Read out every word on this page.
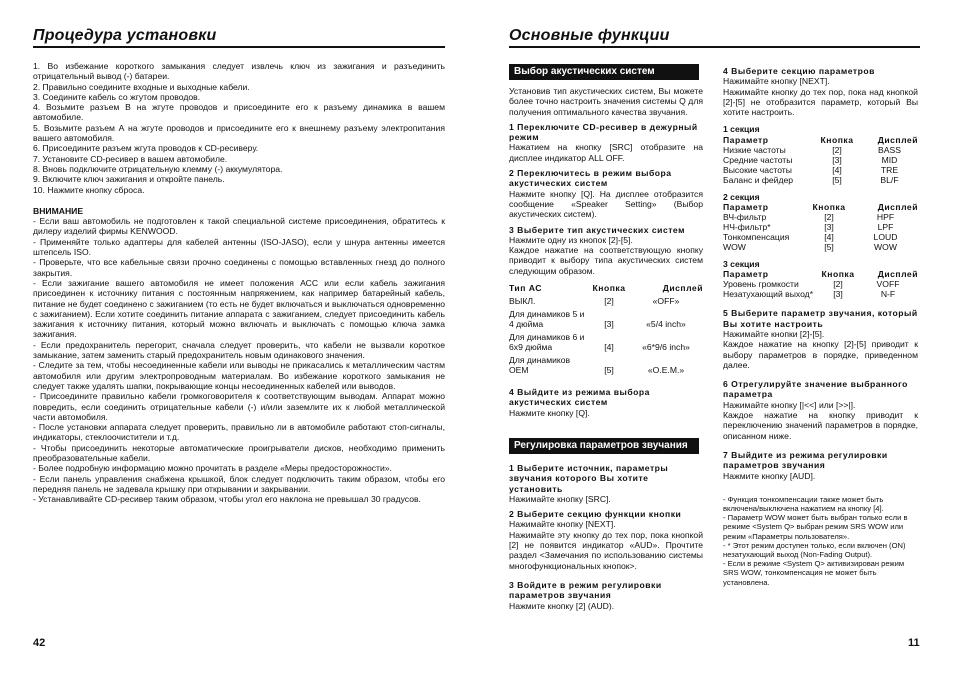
Процедура установки

1. Во избежание короткого замыкания следует извлечь ключ из зажигания и разъединить отрицательный вывод (-) батареи.

2. Правильно соедините входные и выходные кабели.

3. Соедините кабель со жгутом проводов.

4. Возьмите разъем В на жгуте проводов и присоедините его к разъему динамика в вашем автомобиле.

5. Возьмите разъем А на жгуте проводов и присоедините его к внешнему разъему электропитания вашего автомобиля.

6. Присоедините разъем жгута проводов к CD-ресиверу.

7. Установите CD-ресивер в вашем автомобиле.

8. Вновь подключите отрицательную клемму (-) аккумулятора.

9. Включите ключ зажигания и откройте панель.

10. Нажмите кнопку сброса.

ВНИМАНИЕ

- Если ваш автомобиль не подготовлен к такой специальной системе присоединения, обратитесь к дилеру изделий фирмы KENWOOD.

- Применяйте только адаптеры для кабелей антенны (ISO-JASO), если у шнура антенны имеется штепсель ISO.

- Проверьте, что все кабельные связи прочно соединены с помощью вставленных гнезд до полного закрытия.

- Если зажигание вашего автомобиля не имеет положения АСС или если кабель зажигания присоединен к источнику питания с постоянным напряжением, как например батарейный кабель, питание не будет соединено с зажиганием (то есть не будет включаться и выключаться одновременно с зажиганием). Если хотите соединить питание аппарата с зажиганием, следует присоединить кабель зажигания к источнику питания, который можно включать и выключать с помощью ключа замка зажигания.

- Если предохранитель перегорит, сначала следует проверить, что кабели не вызвали короткое замыкание, затем заменить старый предохранитель новым одинакового значения.

- Следите за тем, чтобы несоединенные кабели или выводы не прикасались к металлическим частям автомобиля или другим электропроводным материалам. Во избежание короткого замыкания не следует также удалять шапки, покрывающие концы несоединенных кабелей или выводов.

- Присоедините правильно кабели громкоговорителя к соответствующим выводам. Аппарат можно повредить, если соединить отрицательные кабели (-) и/или заземлите их к любой металлической части автомобиля.

- После установки аппарата следует проверить, правильно ли в автомобиле работают стоп-сигналы, индикаторы, стеклоочистители и т.д.

- Чтобы присоединить некоторые автоматические проигрыватели дисков, необходимо применить преобразовательные кабели.

- Более подробную информацию можно прочитать в разделе «Меры предосторожности».

- Если панель управления снабжена крышкой, блок следует подключить таким образом, чтобы его передняя панель не задевала крышку при открывании и закрывании.

- Устанавливайте CD-ресивер таким образом, чтобы угол его наклона не превышал 30 градусов.

42
Основные функции
Выбор акустических систем

Установив тип акустических систем, Вы можете более точно настроить значения системы Q для получения оптимального качества звучания.

1 Переключите CD-ресивер в дежурный режим

Нажатием на кнопку [SRC] отобразите на дисплее индикатор ALL OFF.

2 Переключитесь в режим выбора акустических систем

Нажмите кнопку [Q]. На дисплее отобразится сообщение «Speaker Setting» (Выбор акустических систем).

3 Выберите тип акустических систем

Нажмите одну из кнопок [2]-[5].

Каждое нажатие на соответствующую кнопку приводит к выбору типа акустических систем следующим образом.

Тип АС	Кнопка	Дисплей
ВЫКЛ.	[2]	«OFF»
Для динамиков 5 и 4 дюйма	[3]	«5/4 inch»
Для динамиков 6 и 6x9 дюйма	[4]	«6*9/6 inch»
Для динамиков OEM	[5]	«O.E.M.»

4 Выйдите из режима выбора акустических систем

Нажмите кнопку [Q].

Регулировка параметров звучания

1 Выберите источник, параметры звучания которого Вы хотите установить

Нажимайте кнопку [SRC].

2 Выберите секцию функции кнопки

Нажимайте кнопку [NEXT].

Нажимайте эту кнопку до тех пор, пока кнопкой [2] не появится индикатор «AUD». Прочтите раздел <Замечания по использованию системы многофункциональных кнопок>.

3 Войдите в режим регулировки параметров звучания

Нажмите кнопку [2] (AUD).

4 Выберите секцию параметров

Нажимайте кнопку [NEXT].

Нажимайте кнопку до тех пор, пока над кнопкой [2]-[5] не отобразится параметр, который Вы хотите настроить.

1 секция

Параметр	Кнопка	Дисплей
Низкие частоты	[2]	BASS
Средние частоты	[3]	MID
Высокие частоты	[4]	TRE
Баланс и фейдер	[5]	BL/F

2 секция

Параметр	Кнопка	Дисплей
ВЧ-фильтр	[2]	HPF
НЧ-фильтр*	[3]	LPF
Тонкомпенсация	[4]	LOUD
WOW	[5]	WOW

3 секция

Параметр	Кнопка	Дисплей
Уровень громкости	[2]	VOFF
Незатухающий выход*	[3]	N-F

5 Выберите параметр звучания, который Вы хотите настроить

Нажимайте кнопки [2]-[5].

Каждое нажатие на кнопку [2]-[5] приводит к выбору параметров в порядке, приведенном далее.

6 Отрегулируйте значение выбранного параметра

Нажимайте кнопку [|<<] или [>>|].

Каждое нажатие на кнопку приводит к переключению значений параметров в порядке, описанном ниже.

7 Выйдите из режима регулировки параметров звучания

Нажмите кнопку [AUD].

- Функция тонкомпенсации также может быть включена/выключена нажатием на кнопку [4].

- Параметр WOW может быть выбран только если в режиме <System Q> выбран режим SRS WOW или режим «Параметры пользователя».

- * Этот режим доступен только, если включен (ON) незатухающий выход (Non-Fading Output).

- Если в режиме <System Q> активизирован режим SRS WOW, тонкомпенсация не может быть установлена.

11
